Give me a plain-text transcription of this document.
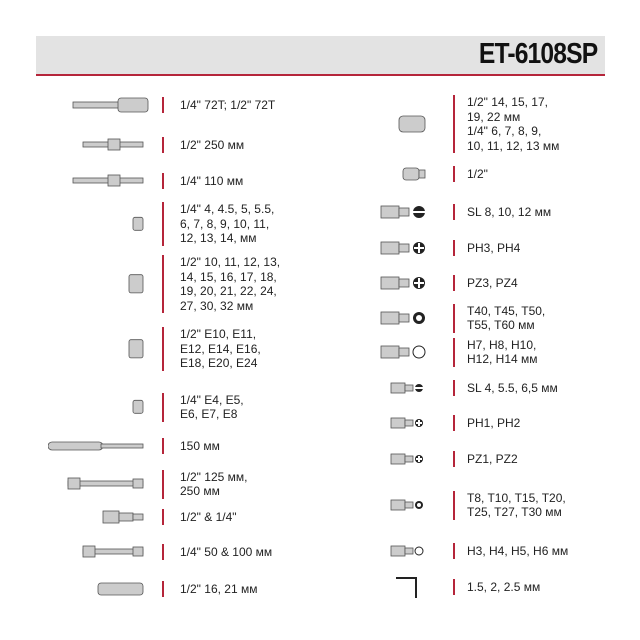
ET-6108SP
1/4" 72T; 1/2" 72T
1/2" 250 мм
1/4" 110 мм
1/4" 4, 4.5, 5, 5.5,
6, 7, 8, 9, 10, 11,
12, 13, 14, мм
1/2" 10, 11, 12, 13,
14, 15, 16, 17, 18,
19, 20, 21, 22, 24,
27, 30, 32 мм
1/2" E10, E11,
E12, E14, E16,
E18, E20, E24
1/4" E4, E5,
E6, E7, E8
150 мм
1/2" 125 мм,
250 мм
1/2" & 1/4"
1/4" 50 & 100 мм
1/2" 16, 21 мм
1/2" 14, 15, 17,
19, 22 мм
1/4" 6, 7, 8, 9,
10, 11, 12, 13 мм
1/2"
SL 8, 10, 12 мм
PH3, PH4
PZ3, PZ4
T40, T45, T50,
T55, T60 мм
H7, H8, H10,
H12, H14 мм
SL 4, 5.5, 6,5 мм
PH1, PH2
PZ1, PZ2
T8, T10, T15, T20,
T25, T27, T30 мм
H3, H4, H5, H6 мм
1.5, 2, 2.5 мм
